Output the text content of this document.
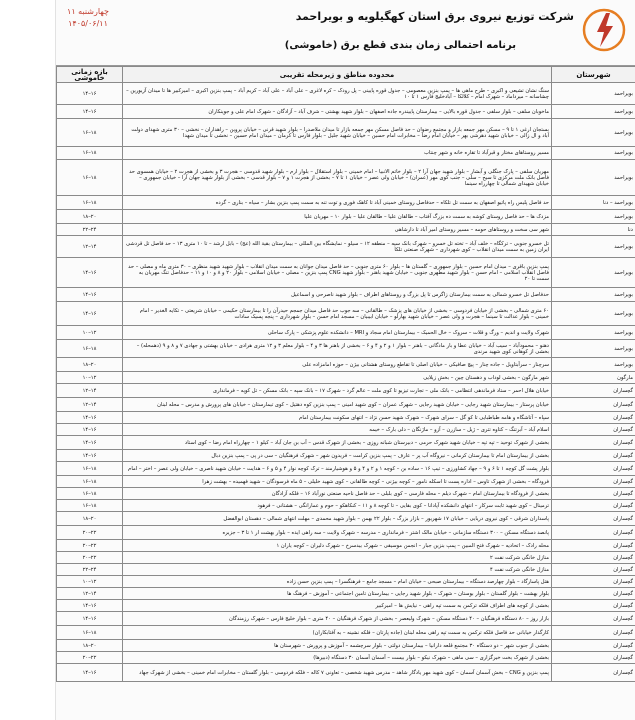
شرکت توزیع نیروی برق استان کهگیلویه و بویراحمد
برنامه احتمالی زمان بندی قطع برق (خاموشی)
چهارشنبه ۱۱
۱۴۰۵/۰۶/۱۱
شهرستان	محدوده مناطق و زیرمحله تقریبی	بازه زمانی خاموشی
بویراحمد	سنگ نشان تشیعی و اکبری – طرح ماهی ها – پمپ بنزین معصومی – جدول قوره پایینی – پل رودک – کره لاغری – علی آباد – علی آباد – کریم آباد – پمپ بنزین اکبری – امیرکبیر ها تا میدان آزیورین – چشاسانه – میرداماد – شهرک امام – کلالکا – آبادخلیج فارس ۱ تا ۱۰	۱۴–۱۶
بویراحمد	ماخوبان سلفی – بلوار سلفی – جدول قوره بالایی – بیمارستان پاییندره جاده اصفهان – بلوار شهید بهشتی – شرف آباد – آزادگان – شهرک امام علی و جوینکاران	۱۴–۱۶
بویراحمد	بستجان ارغی ۱ تا ۹ – مسکن مهر جمعه بازار و مجتمع رضوان – حد فاصل مسکن مهر جمعه بازار تا میدان ملاصدرا – بلوار شهید قرنی – خیابان پروین – راهداران – نخشی – ۳۰ متری شهدای دولت آباد و ال زالی – خیابان شهید دهرشی بهر – خیابان امام رضا – مخابرات امام حسین – خیابان شهید جلیل – بلوار فارس تا کرمان – میدان امام حسین – نخشی تا میدان شهدا	۱۶–۱۸
بویراحمد	مسیر روستاهای مختار و قبرآباد تا تقاره خانه و شهر چنتاب	۱۶–۱۸
بویراحمد	مهریان سلفی – پارک جنگلی و آبشار – بلوار شهید جهان آرا ۲ – بلوار خاتم الانبیا – امام خمینی – بلوار استقلال – بلوار ارم – بلوار شهید قدوسی – هجرت ۳ و بخشی از هجرت ۲ – خیابان همسوی حد فاصل بانک ملت مرکزی تا سیح – سلی – جنب کوی مهر (عمران) – خیابان ولی عصر – خیابان ۱ تا ۷ – بخشی از هجرت ۱ و ۷ – بلوار قدسی – بخشی از بلوار شهید جهان آرا – خیابان جمهوری – خیابان شهیدای شمالی تا چهارراه سینما	۱۶–۱۸
بویراحمد – دنا	حد فاصل پلیس راه پاتیو اصفهان به سمت تل تلکاه – حدفاصل روستای خمینی آباد تا کاهک فوری و توت تنه به سمت پمپ بنزین بشار – سیاه – بناری – گرده	۱۶–۱۸
بویراحمد	مزدک ها – حد فاصل روستای کوشه به سمت ده بزرگ آفتاب – طالقان علیا – طالقان علیا – بلوار ۱۰ – مهریان علیا	۱۸–۲۰
دنا	شهر سی سخت و روستاهای حومه – مسیر روستای امیر آباد تا دارشاهی	۲۲–۲۴
بویراحمد	تل خسرو جنوبی – ترکگاه – خلف آباد – تخته تل خسرو – شهرک بانک سپه – منطقه ۱۲ – سیلو – نمایشگاه بین المللی – بیمارستان بقیة الله (عج) – بابل ارشد – تا ۱۰ متری ۱۳ – حد فاصل تل قردشی ایران زمین به سمت میدان انقلاب – کوی شهرداری – شهرک صنعتی تلکا	۱۲–۱۴
بویراحمد	پمپ بنزین باقری – میدان امام حسین – بلوار جمهوری – گلستان ها – بلوار ۶۰ متری جنوبی – حد فاصل میدان جوانان به سمت میدان انقلاب – بلوار شهید شهید منظری – ۳۰ متری ماه و مصلی – حد فاصل انقلاب اسلامی – امام حسن – بلوار شهید مطهری جنوبی – خیابان شهید باهنر – بلوار شهید CNG پمپ بنزین – مصلی – خیابان اسلامی – بلوار ۲۰ و ۸ و ۱۰ و ۱۱ – حدفاصل تنگ مهریان به سمت تا ۲۰	۱۴–۱۶
بویراحمد	حدفاصل تل خسرو شمالی به سمت بیمارستان زاگرس تا پل بزرگ و روستاهای اطراف – بلوار شهید ناصرحی و اسماعیل	۱۴–۱۶
بویراحمد	۶۰ متری شمالی – بخشی از خیابان فردوسی – بخشی از خیابان های پزشک – طالقانی – سه جوب حد فاصل میدان جمجم حیدرآن را تا بیمارستان حکیمی – خیابان شریعتی – تکایه الغدیر – امام خمینی – بلوار عدالت تا سینما – هجرت و ولی عصر – خیابان شهید بهارلو – خیابان ابیبیان – مسجد امام حسن – بلوار شهرداری – پنجه پسیک سادات	۱۴–۱۶
بویراحمد	شهرک ولایت و اندیم – ورگ و قلات – سروک – خال الحمیک – بیمارستان امام سجاد و MRI – دانشکده علوم پزشکی – پارک ساحلی	۱۰–۱۲
بویراحمد	دهنو – محمودآباد – سیب آباد – خیابان عطا و بار مادگانی – باهنر – بلوار ۱ و ۲ و ۴ و ۶ – بخشی از باهنر ها ۳ و ۴ – بلوار معلم ۳ و ۱۲ متری هرادی – خیابان بهشتی و جهادی ۷ و ۸ و ۹ (دهمحله) – بخشی از کوهانی کوی شهید مرندی	۱۶–۱۸
بویراحمد	سرچنار – سرآبتاویل – جاده چنار – پیچ صافیکی – خیابان اصلی تا تقاطع روستای هشتانی بیژن – حوزه امامزاده علی	۱۸–۲۰
مارگون	شهر مارگون – بخشی لوداب و دهستان چین – بخش زیلایی	۱۰–۱۲
گچساران	خیابان هلال احمر – ستاد فرماندهی انتظامی – بانک ملی – تجارت تیزیو تا کوی ملت – عالم گرد – شهرک ۱۷ – بانک سپه – بانک مسکن – تل کوپه – فرمانداری	۱۲–۱۴
گچساران	خیابان پرستار – بیمارستان شهید رجایی – خیابان شهید رجایی – شهرک عمران – کوی شهید امینی – پمپ بنزین کوه دهتیل – کوی تیمارستان – خیابان های پرورش و مدرس – محله لبنان	۱۲–۱۴
گچساران	سپاه – آتاشگاه و هامه طباطبایی تا کو گل – سرای شهرک – شهرک شهید حسن نژاد – انتهای سکونت بیمارستان امام	۱۴–۱۶
گچساران	اسلام آباد – آبرتنگ – کتاوه تتری – ژیل – سازرن – آزو – ماژنگان – دلی بارک – خیمه	۱۴–۱۶
گچساران	بخشی از شهرک توحید – تپه تپه – خیابان شهید شهرک حرمی – دبیرستان شبانه روزی – بخشی از شهرک قدس – آب بن جان آباد – کیلو ۱ – چهارراه امام رضا – کوی استاد	۱۴–۱۶
گچساران	بخشی از بیمارستان امام تا بیمارستان کرمانی – نیروگاه آب پر – عارف – پمپ بنزین کرامت – فریدون شهر – شهرک فرهنگیان – سی در پی – پمپ بنزین دبال	۱۴–۱۶
گچساران	بلوار پشت گل کوچه ۱ تا ۶ و ۹ – جهاد کشاورزی – تیپ ۱۶ – ساده بن – کوچه ۱ و ۲ و ۴ و ۵ و هوشیارمند – ترک کوچه نوار ۴ و ۵ و ۶ – هدایت – خیابان شهید ناصری – خیابان ولی عصر – اختر – امام	۱۶–۱۸
گچساران	فرودگاه – بخشی از شهرک تاوس – اداره پست تا اسکله نامور – کوچه بیژنی – کوچه طالقانی – کوی شهید خلیلی – ۵ ماه فرسودگان – شهید فهمیده – بهشت زهرا	۱۶–۱۸
گچساران	بخشی از فرودگاه تا بیمارستان امام – شهرک دیلم – محله فارسی – کوی بلبلی – حد فاصل ناحیه صنعتی نورآباد ۱۶ – فلکه آزادگان	۱۶–۱۸
گچساران	ترمینال – کوی شهید ثابت سرکار – انتهای دانشکده آپادانا – کوی بقایی – تا کوچه ۸ و ۱۱ – کنکاهکو – حوم و عمارانگی – هشتانی – فرهود	۱۶–۱۸
گچساران	پاسداران شرقی – کوی نیروی دریایی – خیابان ۱۷ شهریور – بازار بزرگ – بلوار ۲۲ بهمن – بلوار شهید محمدی – مهلت انتهای شمالی – دهستان ابوالفضل	۱۸–۲۰
گچساران	پانصد دستگاه مسکن – ۳۰۰ دستگاه سازمانی – خیابان مالک اشتر – فرمانداری – مدرسه – شهرک ولایت – سه راهی ایذه – بلوار بهشت ار ۱ تا ۳ – جزیره	۲۰–۲۲
گچساران	محله رادک – اتحادیه – شهرک فتح المبین – پمپ بنزین جبار – انجمن موسیقی – شهرک بیدسرخ – شهرک دلیران – کوچه یاران ۱	۲۰–۲۲
گچساران	منازل خانگی شرکت نفت ۲	۲۰–۲۲
گچساران	منازل خانگی شرکت نفت ۴	۲۲–۲۴
گچساران	هتل پاسارگاد – بلوار چهارصد دستگاه – بیمارستان صبحی – خیابان امام – مسجد جامع – فرهنگسرا – پمپ بنزین حسن زاده	۱۰–۱۲
گچساران	بلوار بهشت – بلوار گلستان – بلوار بوستان – شهرک – بلوار شهید رجایی – بیمارستان تامین اجتماعی – آموزش – فرهنگ ها	۱۲–۱۴
گچساران	بخشی از کوچه های اطراف فلکه ترکمن به سمت تپه راهی – نیایش ها – امیرکبیر	۱۴–۱۶
گچساران	بازار روز – ۸۰ دستگاه فرهنگیان – ۴۰ دستگاه مسکن – شهرک ولیعصر – بخشی از شهرک فرهنگیان – ۴۰ متری – بلوار خلیج فارس – شهرک رزمندگان	۱۴–۱۶
گچساران	کارگذار خیابانی حد فاصل فلکه ترکمن به سمت تپه راهی محله لبنان (جاده پارتان – فلکه نشینه – به آفتابکاران)	۱۶–۱۸
گچساران	بخشی از جنوب شهر – دو دستگاه ۳۰ مجتمع قلعه دارانیا – بیمارستان دولتی – بلوار سرچشمه – آموزش و پرورش – شهرستان ها	۱۸–۲۰
گچساران	بخشی از شهرک بخت خیرگزاری – سی ماهی – شهرک نیکو – بلوار بیست – آسمان آسمان ۳۰ دستگاه (دبیرها)	۲۰–۲۲
گچساران	پمپ بنزین و CNG – بخش آسمان آسمان – کوی شهید مهر یادگار شاهد – مدرس شهید شخصی – تعاونی ۷ کاله – فلکه فردوسی – بلوار گلستان – مخابرات امام خمینی – بخشی از شهرک جهاد	۱۴–۱۶
